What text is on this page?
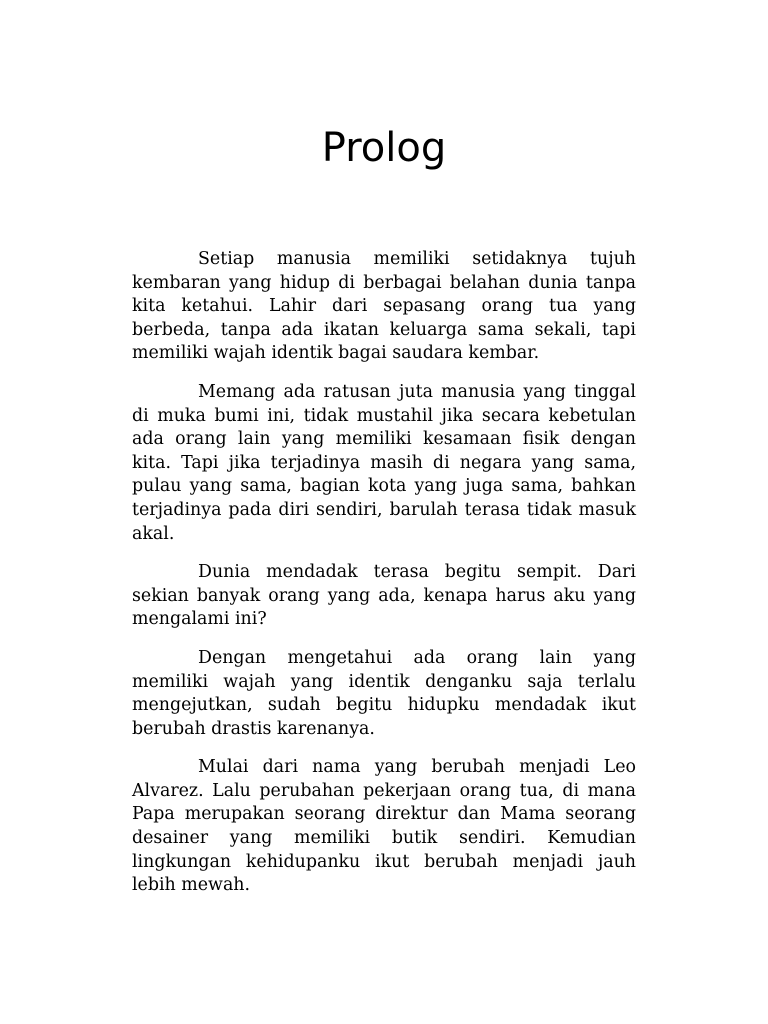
Prolog

Setiap manusia memiliki setidaknya tujuh kembaran yang hidup di berbagai belahan dunia tanpa kita ketahui. Lahir dari sepasang orang tua yang berbeda, tanpa ada ikatan keluarga sama sekali, tapi memiliki wajah identik bagai saudara kembar.

Memang ada ratusan juta manusia yang tinggal di muka bumi ini, tidak mustahil jika secara kebetulan ada orang lain yang memiliki kesamaan fisik dengan kita. Tapi jika terjadinya masih di negara yang sama, pulau yang sama, bagian kota yang juga sama, bahkan terjadinya pada diri sendiri, barulah terasa tidak masuk akal.

Dunia mendadak terasa begitu sempit. Dari sekian banyak orang yang ada, kenapa harus aku yang mengalami ini?

Dengan mengetahui ada orang lain yang memiliki wajah yang identik denganku saja terlalu mengejutkan, sudah begitu hidupku mendadak ikut berubah drastis karenanya.

Mulai dari nama yang berubah menjadi Leo Alvarez. Lalu perubahan pekerjaan orang tua, di mana Papa merupakan seorang direktur dan Mama seorang desainer yang memiliki butik sendiri. Kemudian lingkungan kehidupanku ikut berubah menjadi jauh lebih mewah.
